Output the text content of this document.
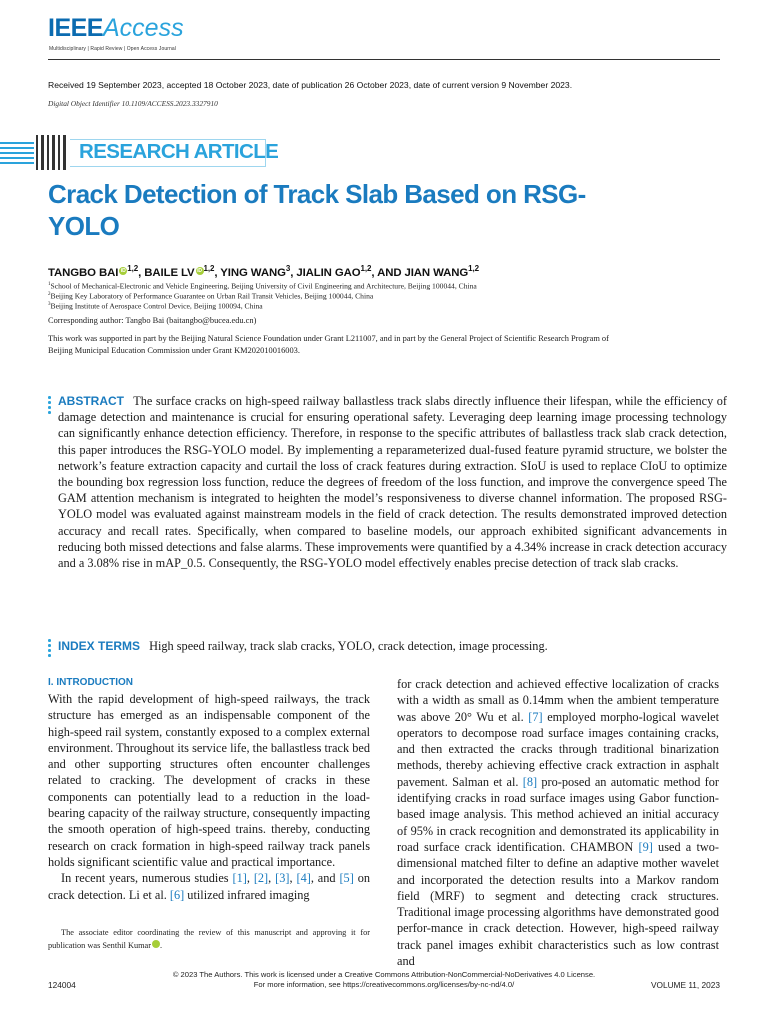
IEEEAccess
Multidisciplinary | Rapid Review | Open Access Journal
Received 19 September 2023, accepted 18 October 2023, date of publication 26 October 2023, date of current version 9 November 2023.
Digital Object Identifier 10.1109/ACCESS.2023.3327910
RESEARCH ARTICLE
Crack Detection of Track Slab Based on RSG-YOLO
TANGBO BAI iD $^{1,2}$, BAILE LV iD $^{1,2}$, YING WANG$^3$, JIALIN GAO$^{1,2}$, AND JIAN WANG$^{1,2}$
$^1$School of Mechanical-Electronic and Vehicle Engineering, Beijing University of Civil Engineering and Architecture, Beijing 100044, China
$^2$Beijing Key Laboratory of Performance Guarantee on Urban Rail Transit Vehicles, Beijing 100044, China
$^3$Beijing Institute of Aerospace Control Device, Beijing 100094, China
Corresponding author: Tangbo Bai (baitangbo@bucea.edu.cn)
This work was supported in part by the Beijing Natural Science Foundation under Grant L211007, and in part by the General Project of Scientific Research Program of Beijing Municipal Education Commission under Grant KM202010016003.
ABSTRACT The surface cracks on high-speed railway ballastless track slabs directly influence their lifespan, while the efficiency of damage detection and maintenance is crucial for ensuring operational safety. Leveraging deep learning image processing technology can significantly enhance detection efficiency. Therefore, in response to the specific attributes of ballastless track slab crack detection, this paper introduces the RSG-YOLO model. By implementing a reparameterized dual-fused feature pyramid structure, we bolster the network’s feature extraction capacity and curtail the loss of crack features during extraction. SIoU is used to replace CIoU to optimize the bounding box regression loss function, reduce the degrees of freedom of the loss function, and improve the convergence speed The GAM attention mechanism is integrated to heighten the model’s responsiveness to diverse channel information. The proposed RSG-YOLO model was evaluated against mainstream models in the field of crack detection. The results demonstrated improved detection accuracy and recall rates. Specifically, when compared to baseline models, our approach exhibited significant advancements in reducing both missed detections and false alarms. These improvements were quantified by a 4.34% increase in crack detection accuracy and a 3.08% rise in mAP_0.5. Consequently, the RSG-YOLO model effectively enables precise detection of track slab cracks.
INDEX TERMS High speed railway, track slab cracks, YOLO, crack detection, image processing.
I. INTRODUCTION

With the rapid development of high-speed railways, the track structure has emerged as an indispensable component of the high-speed rail system, constantly exposed to a complex external environment. Throughout its service life, the ballastless track bed and other supporting structures often encounter challenges related to cracking. The development of cracks in these components can potentially lead to a reduction in the load-bearing capacity of the railway structure, consequently impacting the smooth operation of high-speed trains. thereby, conducting research on crack formation in high-speed railway track panels holds significant scientific value and practical importance.

In recent years, numerous studies [1], [2], [3], [4], and [5] on crack detection. Li et al. [6] utilized infrared imaging

The associate editor coordinating the review of this manuscript and approving it for publication was Senthil Kumar	iD.

for crack detection and achieved effective localization of cracks with a width as small as 0.14mm when the ambient temperature was above 20° Wu et al. [7] employed morpho-logical wavelet operators to decompose road surface images containing cracks, and then extracted the cracks through traditional binarization methods, thereby achieving effective crack extraction in asphalt pavement. Salman et al. [8] pro-posed an automatic method for identifying cracks in road surface images using Gabor function-based image analysis. This method achieved an initial accuracy of 95% in crack recognition and demonstrated its applicability in road surface crack identification. CHAMBON [9] used a two-dimensional matched filter to define an adaptive mother wavelet and incorporated the detection results into a Markov random field (MRF) to segment and detecting crack structures. Traditional image processing algorithms have demonstrated good perfor-mance in crack detection. However, high-speed railway track panel images exhibit characteristics such as low contrast and

© 2023 The Authors. This work is licensed under a Creative Commons Attribution-NonCommercial-NoDerivatives 4.0 License.
For more information, see https://creativecommons.org/licenses/by-nc-nd/4.0/
124004	VOLUME 11, 2023
